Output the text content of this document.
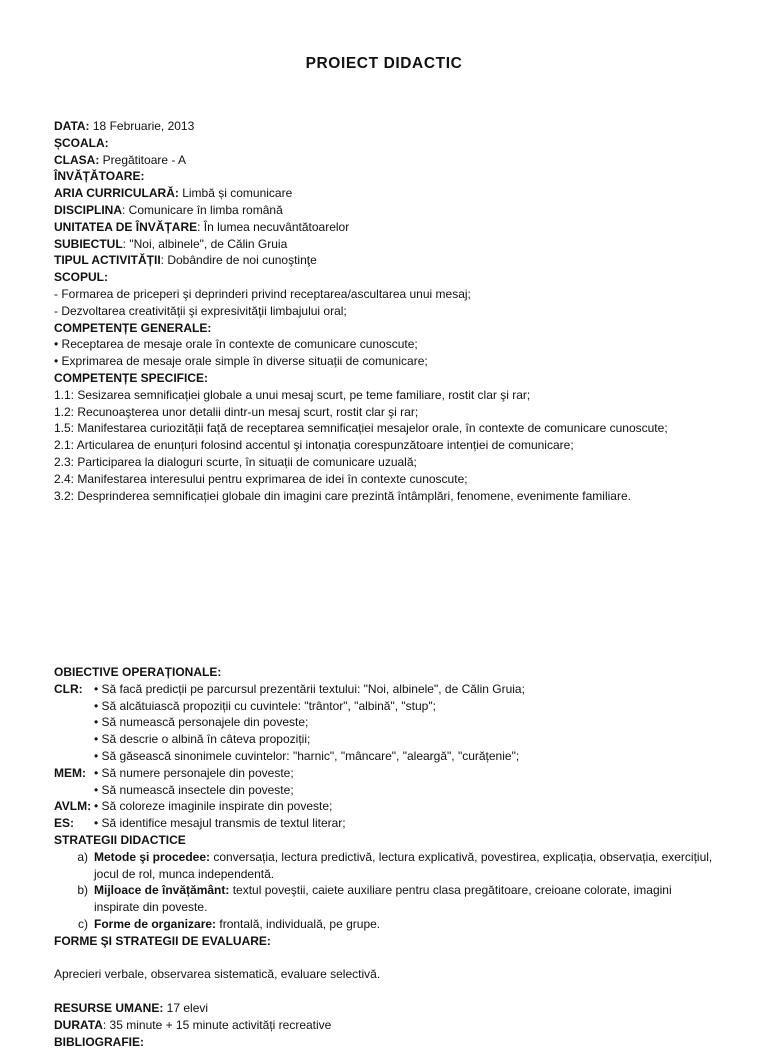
PROIECT DIDACTIC
DATA: 18 Februarie, 2013
ȘCOALA:
CLASA: Pregătitoare - A
ÎNVĂȚĂTOARE:
ARIA CURRICULARĂ: Limbă și comunicare
DISCIPLINA: Comunicare în limba română
UNITATEA DE ÎNVĂȚARE: În lumea necuvântătoarelor
SUBIECTUL: "Noi, albinele", de Călin Gruia
TIPUL ACTIVITĂȚII: Dobândire de noi cunoştinţe
SCOPUL:
- Formarea de priceperi şi deprinderi privind receptarea/ascultarea unui mesaj;
- Dezvoltarea creativităţii şi expresivităţii limbajului oral;
COMPETENȚE GENERALE:
• Receptarea de mesaje orale în contexte de comunicare cunoscute;
• Exprimarea de mesaje orale simple în diverse situații de comunicare;
COMPETENȚE SPECIFICE:
1.1: Sesizarea semnificației globale a unui mesaj scurt, pe teme familiare, rostit clar şi rar;
1.2: Recunoaşterea unor detalii dintr-un mesaj scurt, rostit clar şi rar;
1.5: Manifestarea curiozității față de receptarea semnificației mesajelor orale, în contexte de comunicare cunoscute;
2.1: Articularea de enunțuri folosind accentul şi intonația corespunzătoare intenției de comunicare;
2.3: Participarea la dialoguri scurte, în situații de comunicare uzuală;
2.4: Manifestarea interesului pentru exprimarea de idei în contexte cunoscute;
3.2: Desprinderea semnificației globale din imagini care prezintă întâmplări, fenomene, evenimente familiare.
OBIECTIVE OPERAȚIONALE:
CLR: • Să facă predicții pe parcursul prezentării textului: "Noi, albinele", de Călin Gruia;
• Să alcătuiască propoziții cu cuvintele: "trântor", "albină", "stup";
• Să numească personajele din poveste;
• Să descrie o albină în câteva propoziții;
• Să găsească sinonimele cuvintelor: "harnic", "mâncare", "aleargă", "curățenie";
MEM: • Să numere personajele din poveste;
• Să numească insectele din poveste;
AVLM: • Să coloreze imaginile inspirate din poveste;
ES:	• Să identifice mesajul transmis de textul literar;
STRATEGII DIDACTICE
a) Metode şi procedee: conversația, lectura predictivă, lectura explicativă, povestirea, explicația, observația, exercițiul, jocul de rol, munca independentă.
b) Mijloace de învățământ: textul poveştii, caiete auxiliare pentru clasa pregătitoare, creioane colorate, imagini inspirate din poveste.
c) Forme de organizare: frontală, individuală, pe grupe.
FORME ŞI STRATEGII DE EVALUARE:
Aprecieri verbale, observarea sistematică, evaluare selectivă.
RESURSE UMANE: 17 elevi
DURATA: 35 minute + 15 minute activități recreative
BIBLIOGRAFIE:
